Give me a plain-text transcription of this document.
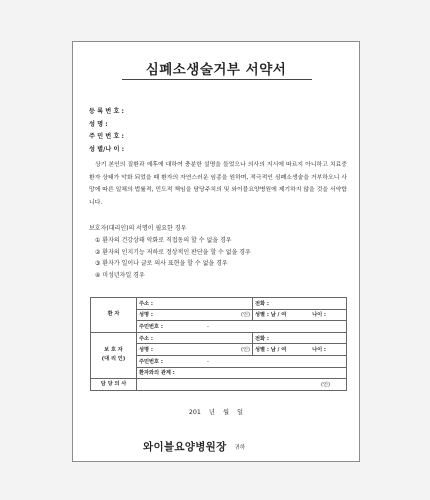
심폐소생술거부 서약서
등 록 번 호 :
성 명 :
주 민 번 호 :
성 별/나 이 :
상기 본인의 질환과 예후에 대하여 충분한 설명을 들었으나 의사의 지시에 따르지 아니하고 치료중 환자 상태가 악화 되었을 때 환자의 자연스러운 임종을 원하며, 적극적인 심폐소생술을 거부하오니 사망에 따른 일체의 법률적, 민도적 책임을 담당주치의 및 와이블요양병원에 제기하지 않을 것을 서약합니다.
보호자(대리인)의 서명이 필요한 경우
① 환자의 건강상태 악화로 직접동의 할 수 없을 경우
② 환자의 인지기능 저하로 정상적인 판단을 할 수 없을 경우
③ 환자가 일이나 글로 의사 표현을 할 수 없을 경우
④ 미성년자일 경우
환 자	주소 :	전화 :
	성명 : (인)	성별 : 남 / 여 나이 :

	주민번호 : -	
보 호 자
(대 리 인)	주소 :	전화 :
	성명 : (인)	성별 : 남 / 여 나이 :

	주민번호 : -	
	환자와의 관계 :	
담 당 의 사	(인)	
201    년    월    일
와이블요양병원장 귀하
